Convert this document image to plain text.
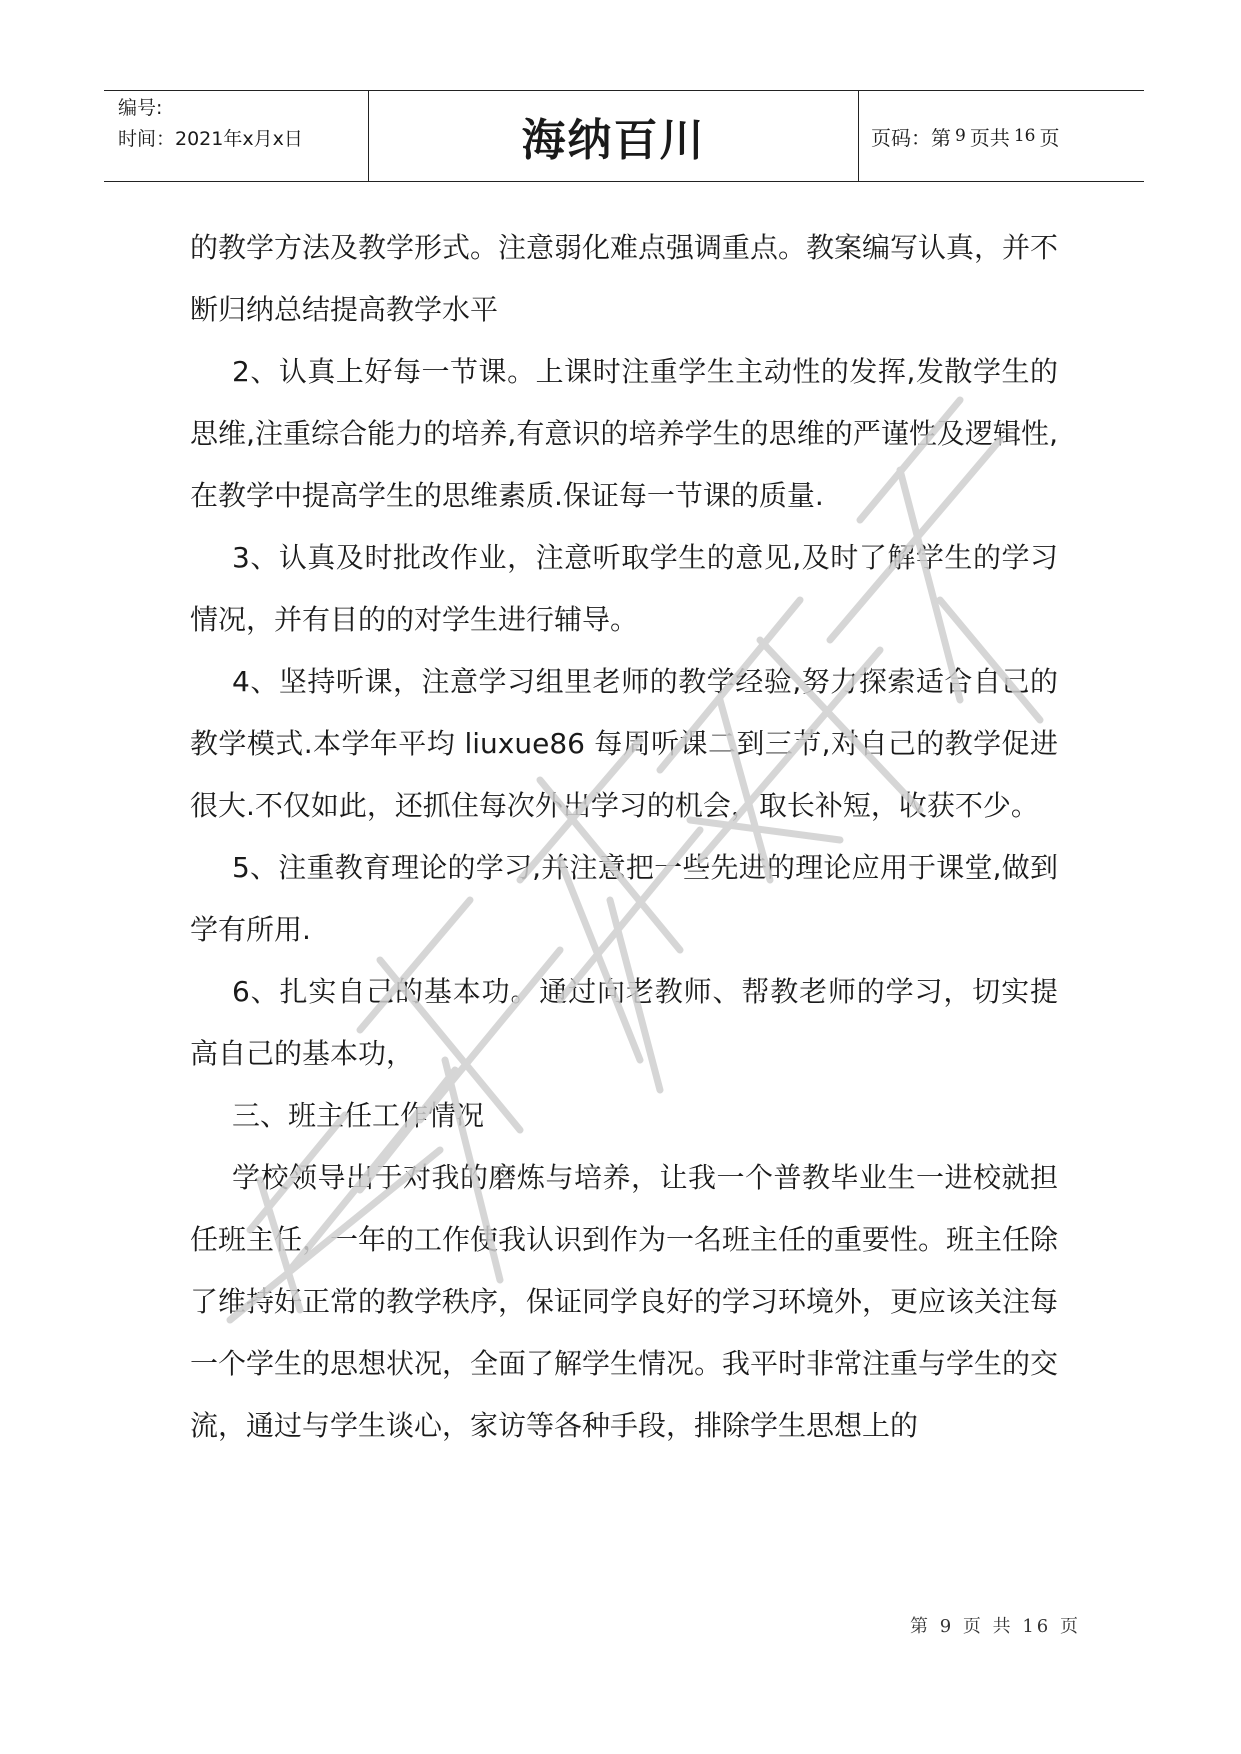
编号:
时间：2021年x月x日	海纳百川	页码：第 9 页共 16 页

的教学方法及教学形式。注意弱化难点强调重点。教案编写认真，并不断归纳总结提高教学水平

2、认真上好每一节课。上课时注重学生主动性的发挥,发散学生的思维,注重综合能力的培养,有意识的培养学生的思维的严谨性及逻辑性,在教学中提高学生的思维素质.保证每一节课的质量.

3、认真及时批改作业，注意听取学生的意见,及时了解学生的学习情况，并有目的的对学生进行辅导。

4、坚持听课，注意学习组里老师的教学经验,努力探索适合自己的教学模式.本学年平均 liuxue86 每周听课二到三节,对自己的教学促进很大.不仅如此，还抓住每次外出学习的机会，取长补短，收获不少。

5、注重教育理论的学习,并注意把一些先进的理论应用于课堂,做到学有所用.

6、扎实自己的基本功。通过向老教师、帮教老师的学习，切实提高自己的基本功，

三、班主任工作情况

学校领导出于对我的磨炼与培养，让我一个普教毕业生一进校就担任班主任，一年的工作使我认识到作为一名班主任的重要性。班主任除了维持好正常的教学秩序，保证同学良好的学习环境外，更应该关注每一个学生的思想状况，全面了解学生情况。我平时非常注重与学生的交流，通过与学生谈心，家访等各种手段，排除学生思想上的

第 9 页 共 16 页
